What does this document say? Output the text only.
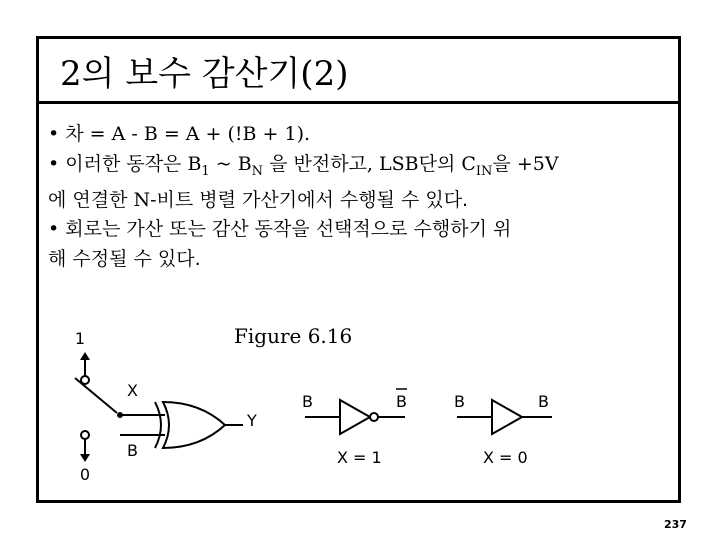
2의 보수 감산기(2)

• 차 = A - B = A + (!B + 1).

• 이러한 동작은 $B_1$ ~ $B_N$ 을 반전하고, LSB단의 $C_{IN}$을 +5V
에 연결한 N-비트 병렬 가산기에서 수행될 수 있다.

• 회로는 가산 또는 감산 동작을 선택적으로 수행하기 위
해 수정될 수 있다.

Figure 6.16
1
0
X
B
Y
B	B
X = 1
B	B
X = 0
237
